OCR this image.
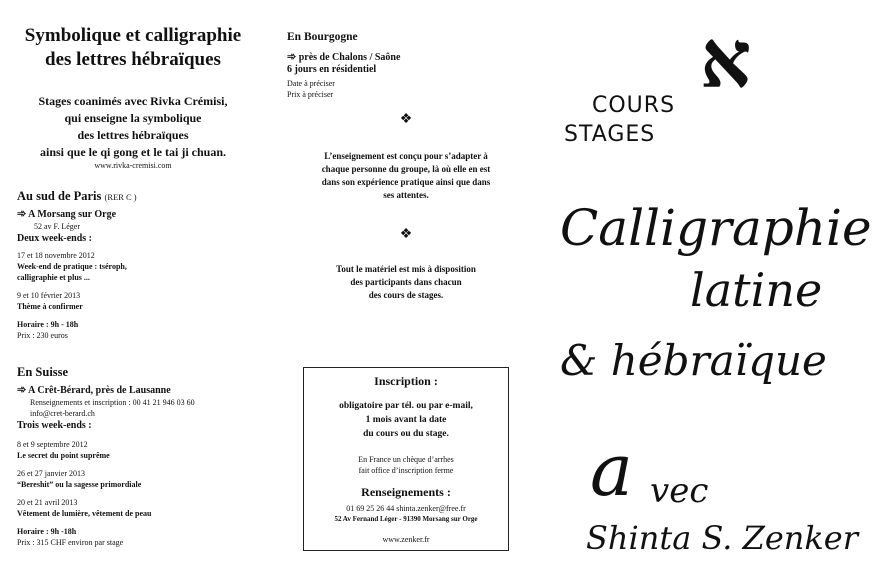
Symbolique et calligraphie
des lettres hébraïques
Stages coanimés avec Rivka Crémisi,
qui enseigne la symbolique
des lettres hébraïques
ainsi que le qi gong et le tai ji chuan.
www.rivka-cremisi.com
Au sud de Paris (RER C )
➾ A Morsang sur Orge
52 av F. Léger
Deux week-ends :
17 et 18 novembre 2012
Week-end de pratique : tséroph,
calligraphie et plus ...
9 et 10 février 2013
Thème à confirmer
Horaire : 9h - 18h
Prix : 230 euros
En Suisse
➾ A Crêt-Bérard, près de Lausanne
Renseignements et inscription : 00 41 21 946 03 60
info@cret-berard.ch
Trois week-ends :
8 et 9 septembre 2012
Le secret du point suprême
26 et 27 janvier 2013
“Bereshit” ou la sagesse primordiale
20 et 21 avril 2013
Vêtement de lumière, vêtement de peau
Horaire : 9h -18h
Prix : 315 CHF environ par stage
En Bourgogne
➾ près de Chalons / Saône
6 jours en résidentiel
Date à préciser
Prix à préciser
❖
L’enseignement est conçu pour s’adapter à
chaque personne du groupe, là où elle en est
dans son expérience pratique ainsi que dans
ses attentes.
❖
Tout le matériel est mis à disposition
des participants dans chacun
des cours de stages.
Inscription :
obligatoire par tél. ou par e-mail,
1 mois avant la date
du cours ou du stage.
En France un chèque d’arrhes
fait office d’inscription ferme
Renseignements :
01 69 25 26 44 shinta.zenker@free.fr
52 Av Fernand Léger - 91390 Morsang sur Orge
www.zenker.fr
א
COURS
STAGES
Calligraphie
latine
& hébraïque
a vec
Shinta S. Zenker
